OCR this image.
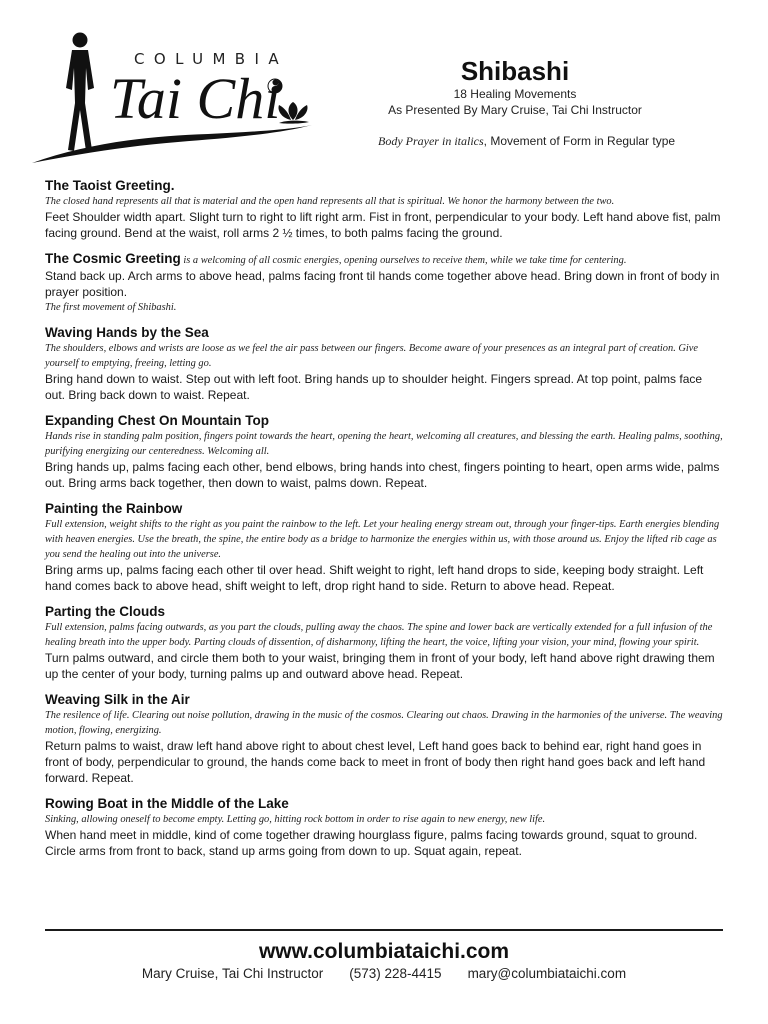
COLUMBIA
Tai Chi	Shibashi
18 Healing Movements
As Presented By Mary Cruise, Tai Chi Instructor
Body Prayer in italics, Movement of Form in Regular type
The Taoist Greeting.
The closed hand represents all that is material and the open hand represents all that is spiritual. We honor the harmony between the two.
Feet Shoulder width apart. Slight turn to right to lift right arm. Fist in front, perpendicular to your body. Left hand above fist, palm facing ground. Bend at the waist, roll arms 2 ½ times, to both palms facing the ground.
The Cosmic Greeting is a welcoming of all cosmic energies, opening ourselves to receive them, while we take time for centering.
Stand back up. Arch arms to above head, palms facing front til hands come together above head. Bring down in front of body in prayer position.
The first movement of Shibashi.
Waving Hands by the Sea
The shoulders, elbows and wrists are loose as we feel the air pass between our fingers. Become aware of your presences as an integral part of creation. Give yourself to emptying, freeing, letting go.
Bring hand down to waist. Step out with left foot. Bring hands up to shoulder height. Fingers spread. At top point, palms face out. Bring back down to waist. Repeat.
Expanding Chest On Mountain Top
Hands rise in standing palm position, fingers point towards the heart, opening the heart, welcoming all creatures, and blessing the earth. Healing palms, soothing, purifying energizing our centeredness. Welcoming all.
Bring hands up, palms facing each other, bend elbows, bring hands into chest, fingers pointing to heart, open arms wide, palms out. Bring arms back together, then down to waist, palms down. Repeat.
Painting the Rainbow
Full extension, weight shifts to the right as you paint the rainbow to the left. Let your healing energy stream out, through your finger-tips. Earth energies blending with heaven energies. Use the breath, the spine, the entire body as a bridge to harmonize the energies within us, with those around us. Enjoy the lifted rib cage as you send the healing out into the universe.
Bring arms up, palms facing each other til over head. Shift weight to right, left hand drops to side, keeping body straight. Left hand comes back to above head, shift weight to left, drop right hand to side. Return to above head. Repeat.
Parting the Clouds
Full extension, palms facing outwards, as you part the clouds, pulling away the chaos. The spine and lower back are vertically extended for a full infusion of the healing breath into the upper body. Parting clouds of dissention, of disharmony, lifting the heart, the voice, lifting your vision, your mind, flowing your spirit.
Turn palms outward, and circle them both to your waist, bringing them in front of your body, left hand above right drawing them up the center of your body, turning palms up and outward above head. Repeat.
Weaving Silk in the Air
The resilence of life. Clearing out noise pollution, drawing in the music of the cosmos. Clearing out chaos. Drawing in the harmonies of the universe. The weaving motion, flowing, energizing.
Return palms to waist, draw left hand above right to about chest level, Left hand goes back to behind ear, right hand goes in front of body, perpendicular to ground, the hands come back to meet in front of body then right hand goes back and left hand forward. Repeat.
Rowing Boat in the Middle of the Lake
Sinking, allowing oneself to become empty. Letting go, hitting rock bottom in order to rise again to new energy, new life.
When hand meet in middle, kind of come together drawing hourglass figure, palms facing towards ground, squat to ground. Circle arms from front to back, stand up arms going from down to up. Squat again, repeat.
www.columbiataichi.com
Mary Cruise, Tai Chi Instructor (573) 228-4415 mary@columbiataichi.com
